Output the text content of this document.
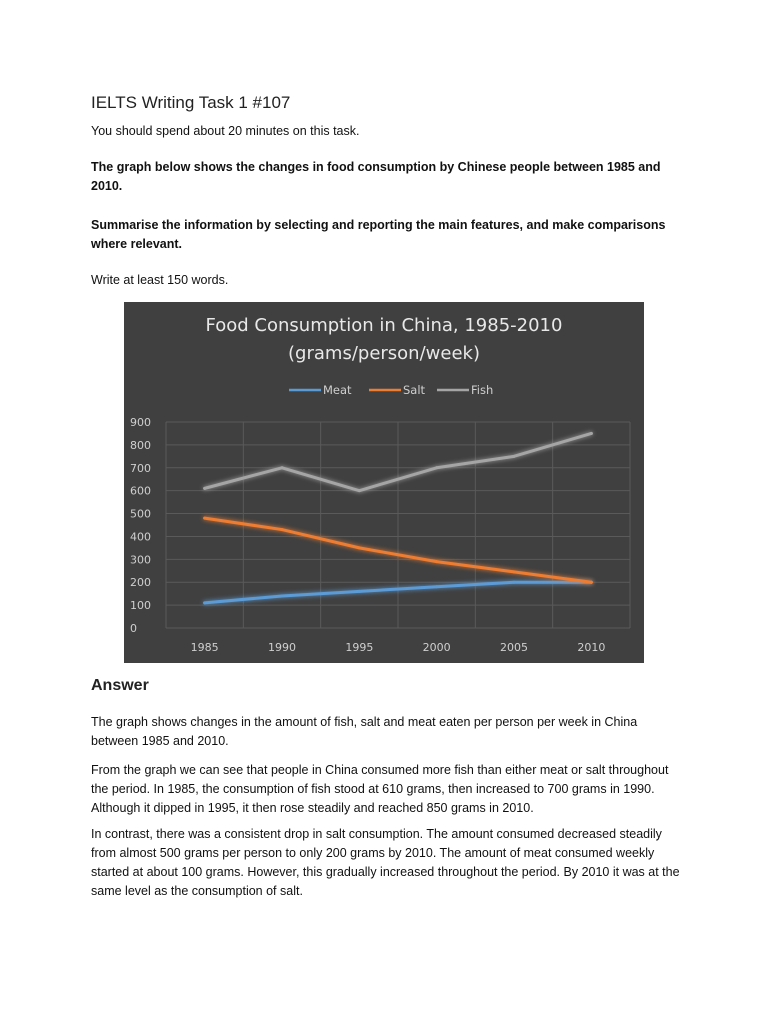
IELTS Writing Task 1 #107

You should spend about 20 minutes on this task.

The graph below shows the changes in food consumption by Chinese people between 1985 and 2010.

Summarise the information by selecting and reporting the main features, and make comparisons where relevant.

Write at least 150 words.

Answer

The graph shows changes in the amount of fish, salt and meat eaten per person per week in China between 1985 and 2010.

From the graph we can see that people in China consumed more fish than either meat or salt throughout the period. In 1985, the consumption of fish stood at 610 grams, then increased to 700 grams in 1990. Although it dipped in 1995, it then rose steadily and reached 850 grams in 2010.

In contrast, there was a consistent drop in salt consumption. The amount consumed decreased steadily from almost 500 grams per person to only 200 grams by 2010. The amount of meat consumed weekly started at about 100 grams. However, this gradually increased throughout the period. By 2010 it was at the same level as the consumption of salt.

Food Consumption in China, 1985-2010
(grams/person/week)
Meat	Salt	Fish
0
100
200
300
400
500
600
700
800
900
1985	1990	1995	2000	2005	2010
